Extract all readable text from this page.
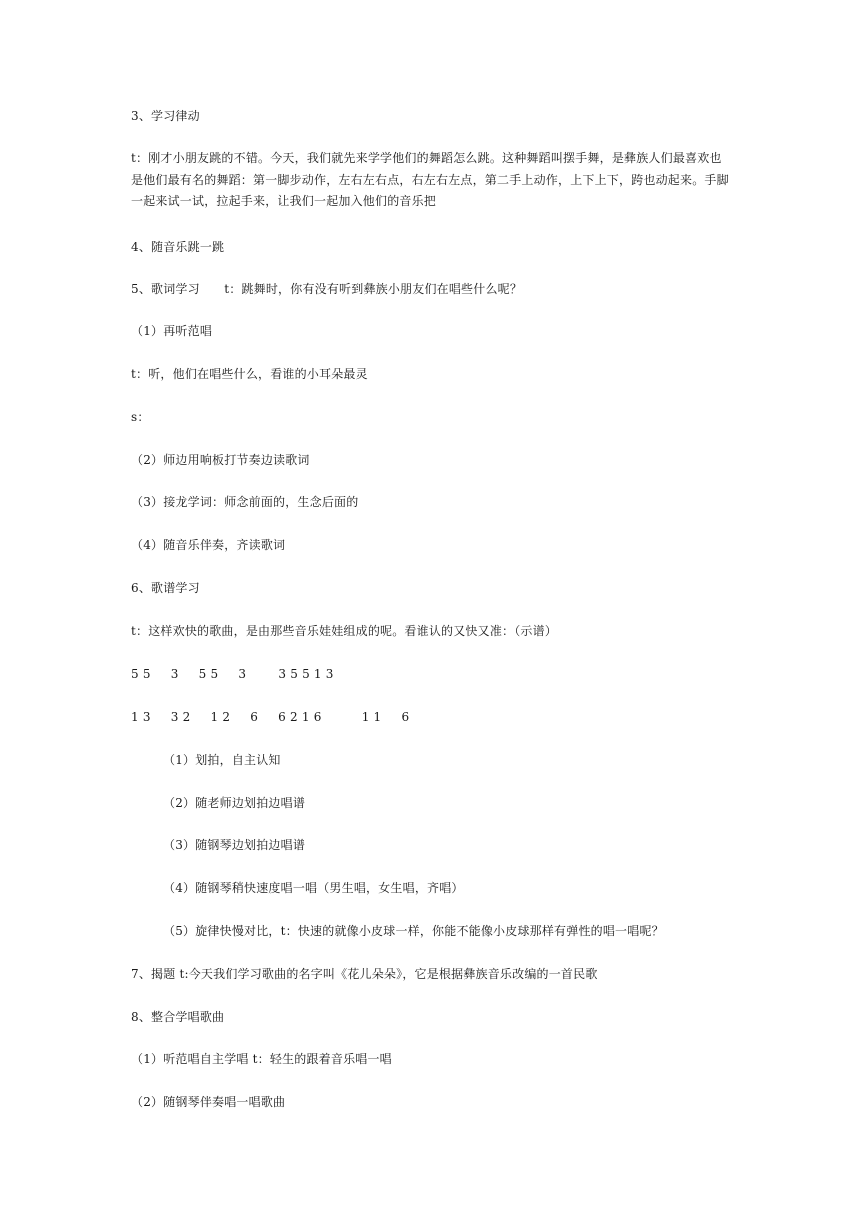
3、学习律动
t：刚才小朋友跳的不错。今天，我们就先来学学他们的舞蹈怎么跳。这种舞蹈叫摆手舞，是彝族人们最喜欢也是他们最有名的舞蹈：第一脚步动作，左右左右点，右左右左点，第二手上动作，上下上下，跨也动起来。手脚一起来试一试，拉起手来，让我们一起加入他们的音乐把
4、随音乐跳一跳
5、歌词学习　　t：跳舞时，你有没有听到彝族小朋友们在唱些什么呢？
（1）再听范唱
t：听，他们在唱些什么，看谁的小耳朵最灵
s：
（2）师边用响板打节奏边读歌词
（3）接龙学词：师念前面的，生念后面的
（4）随音乐伴奏，齐读歌词
6、歌谱学习
t：这样欢快的歌曲，是由那些音乐娃娃组成的呢。看谁认的又快又准：（示谱）
5 5     3     5 5     3        3 5 5 1 3
1 3     3 2     1 2     6     6 2 1 6          1 1     6
（1）划拍，自主认知
（2）随老师边划拍边唱谱
（3）随钢琴边划拍边唱谱
（4）随钢琴稍快速度唱一唱（男生唱，女生唱，齐唱）
（5）旋律快慢对比，t：快速的就像小皮球一样，你能不能像小皮球那样有弹性的唱一唱呢？
7、揭题 t:今天我们学习歌曲的名字叫《花儿朵朵》，它是根据彝族音乐改编的一首民歌
8、整合学唱歌曲
（1）听范唱自主学唱 t：轻生的跟着音乐唱一唱
（2）随钢琴伴奏唱一唱歌曲
